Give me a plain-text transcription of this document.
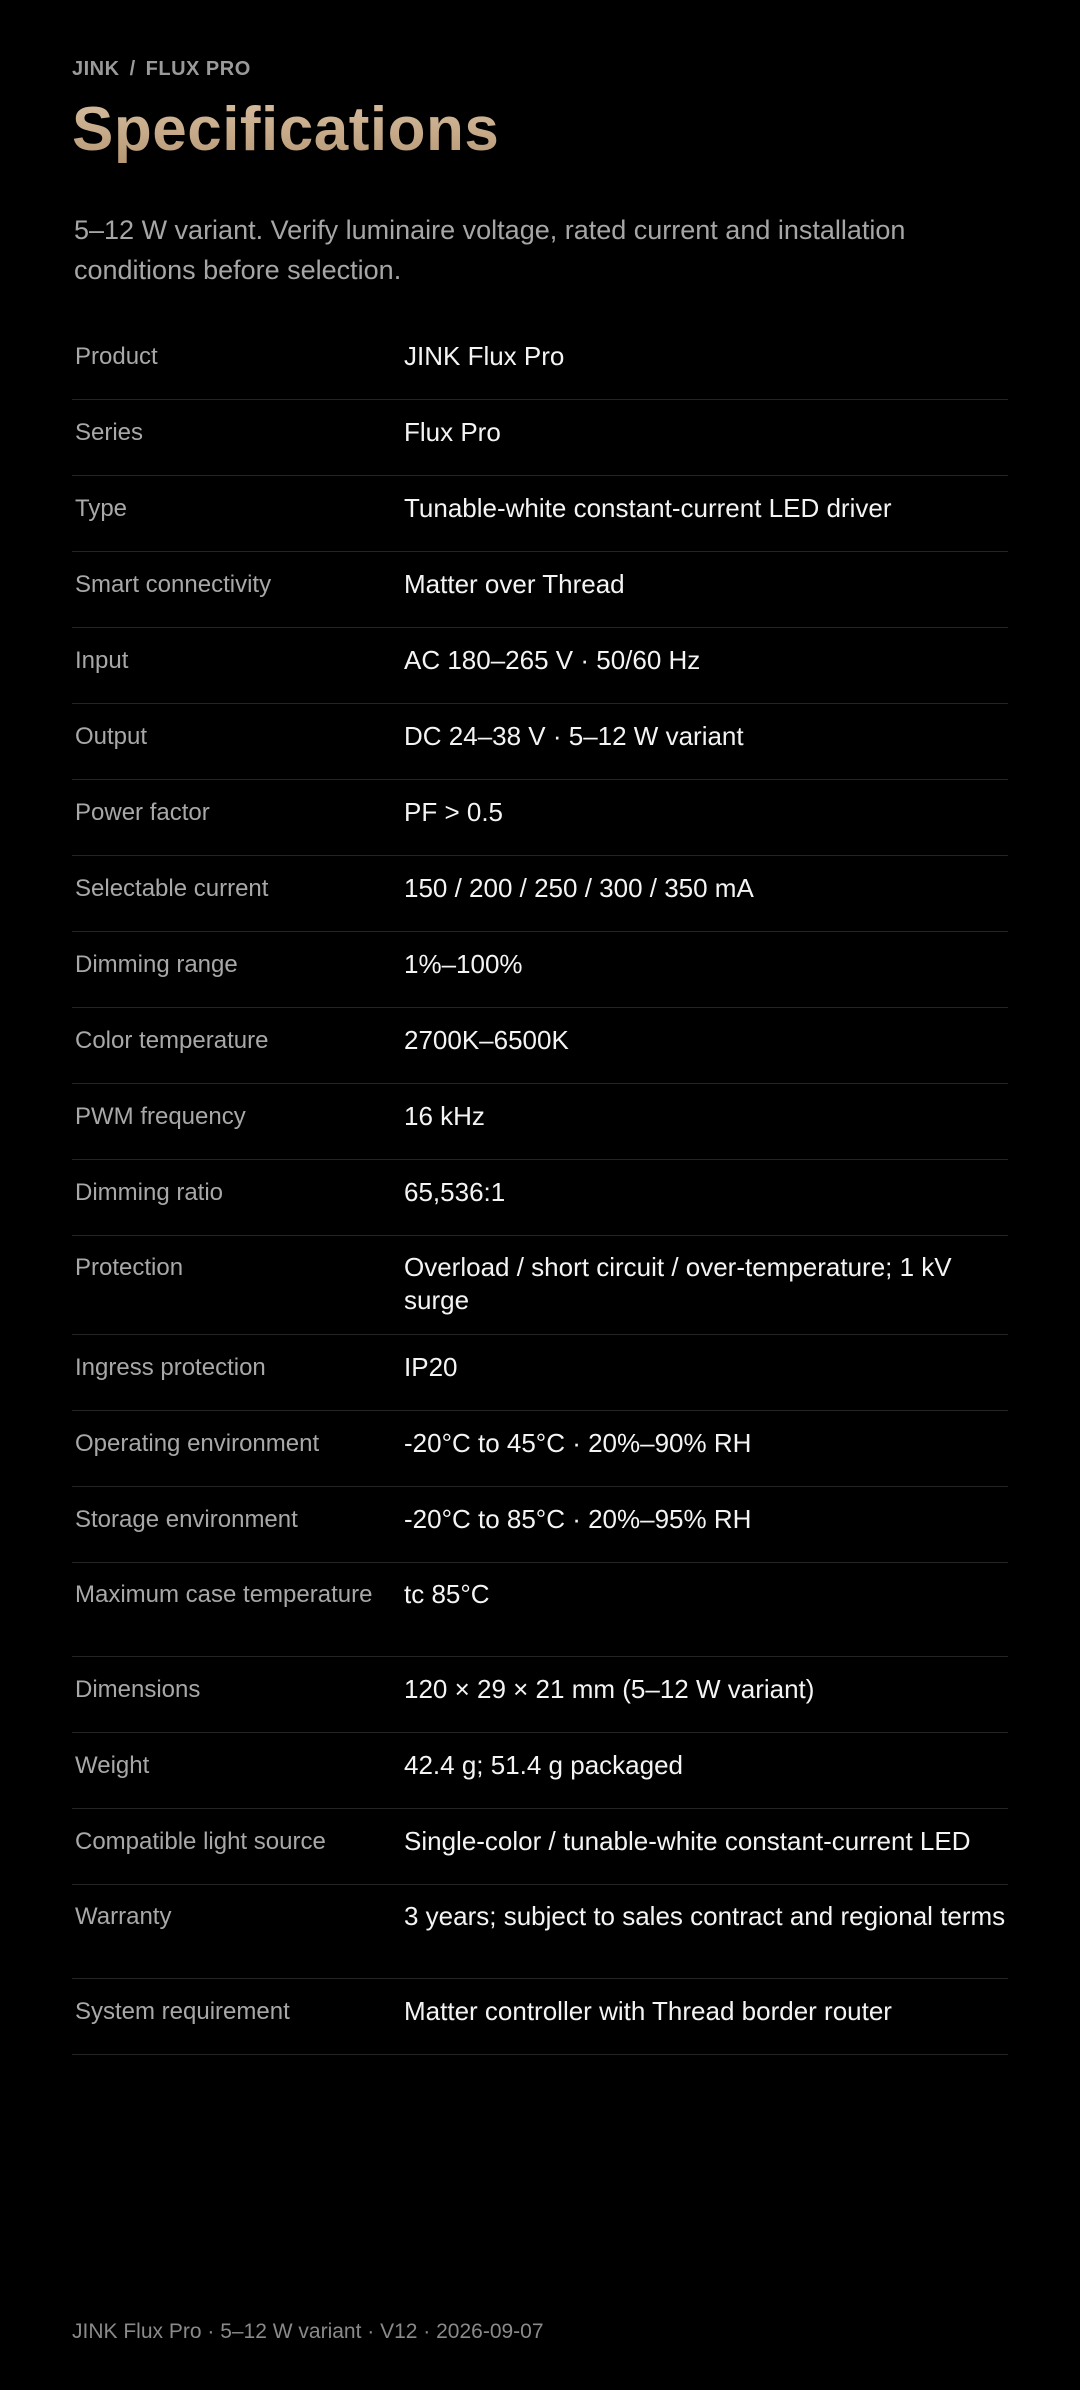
JINK / FLUX PRO
Specifications

5–12 W variant. Verify luminaire voltage, rated current and installation conditions before selection.

Product	JINK Flux Pro
Series	Flux Pro
Type	Tunable-white constant-current LED driver
Smart connectivity	Matter over Thread
Input	AC 180–265 V · 50/60 Hz
Output	DC 24–38 V · 5–12 W variant
Power factor	PF > 0.5
Selectable current	150 / 200 / 250 / 300 / 350 mA
Dimming range	1%–100%
Color temperature	2700K–6500K
PWM frequency	16 kHz
Dimming ratio	65,536:1
Protection	Overload / short circuit / over-temperature; 1 kV surge
Ingress protection	IP20
Operating environment	-20°C to 45°C · 20%–90% RH
Storage environment	-20°C to 85°C · 20%–95% RH
Maximum case temperature	tc 85°C
Dimensions	120 × 29 × 21 mm (5–12 W variant)
Weight	42.4 g; 51.4 g packaged
Compatible light source	Single-color / tunable-white constant-current LED
Warranty	3 years; subject to sales contract and regional terms
System requirement	Matter controller with Thread border router
JINK Flux Pro · 5–12 W variant · V12 · 2026-09-07
